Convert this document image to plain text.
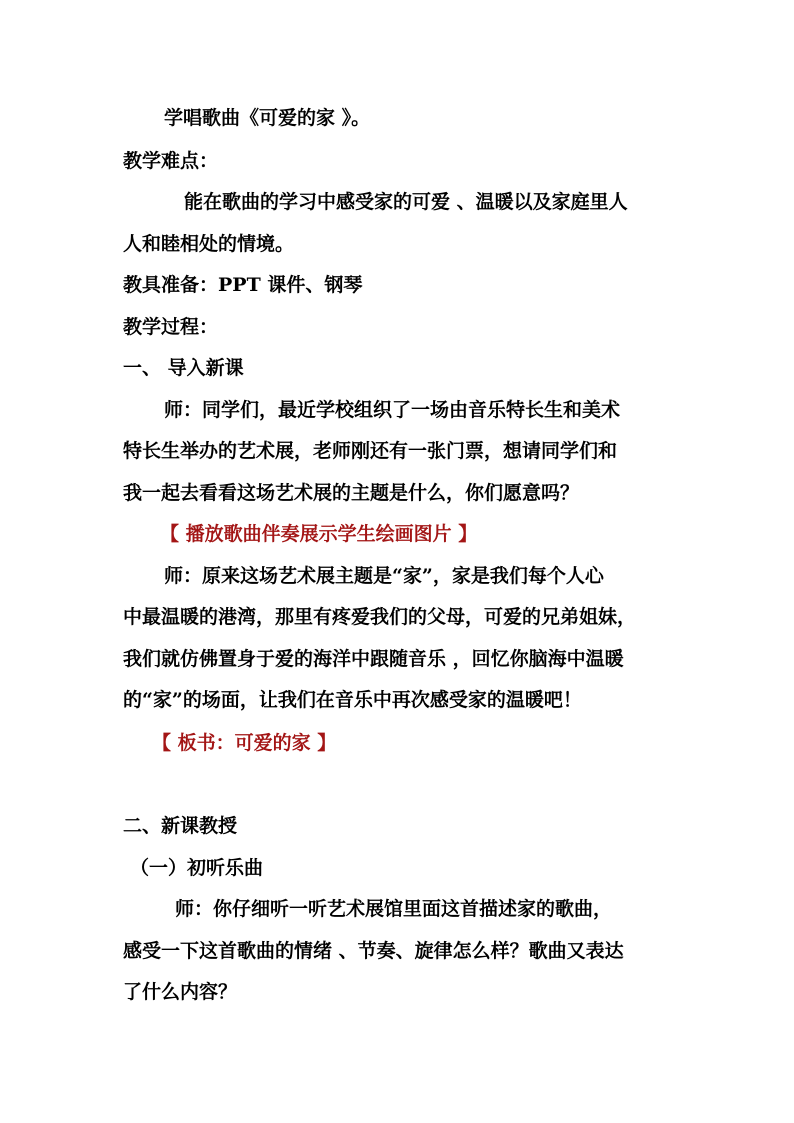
学唱歌曲《可爱的家 》。
教学难点：
能在歌曲的学习中感受家的可爱 、温暖以及家庭里人
人和睦相处的情境。
教具准备：PPT 课件、钢琴
教学过程：
一、 导入新课
师：同学们，最近学校组织了一场由音乐特长生和美术
特长生举办的艺术展，老师刚还有一张门票，想请同学们和
我一起去看看这场艺术展的主题是什么，你们愿意吗？
【 播放歌曲伴奏展示学生绘画图片 】
师：原来这场艺术展主题是“家”，家是我们每个人心
中最温暖的港湾，那里有疼爱我们的父母，可爱的兄弟姐妹，
我们就仿佛置身于爱的海洋中跟随音乐 ，回忆你脑海中温暖
的“家”的场面，让我们在音乐中再次感受家的温暖吧！
【 板书：可爱的家 】
二、新课教授
（一）初听乐曲
师：你仔细听一听艺术展馆里面这首描述家的歌曲，
感受一下这首歌曲的情绪 、节奏、旋律怎么样？歌曲又表达
了什么内容？
